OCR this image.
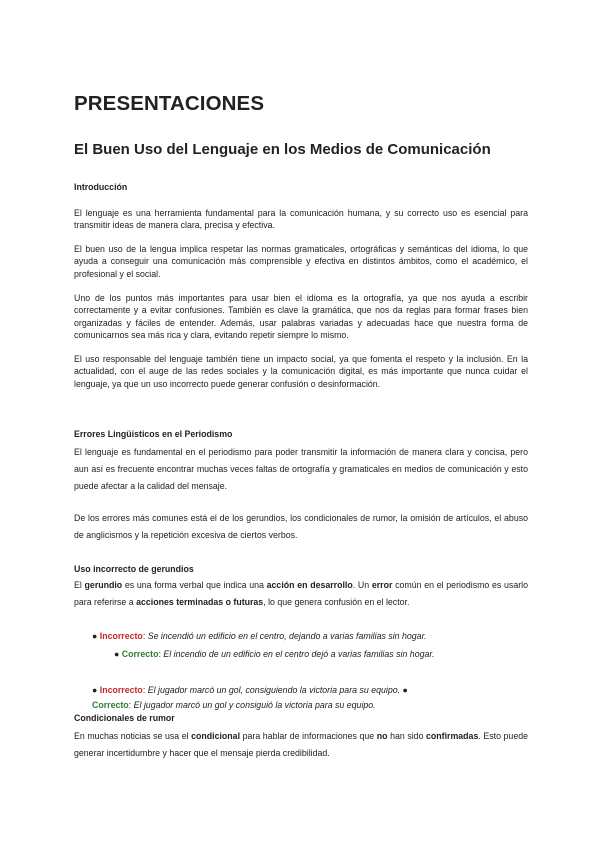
PRESENTACIONES
El Buen Uso del Lenguaje en los Medios de Comunicación
Introducción

El lenguaje es una herramienta fundamental para la comunicación humana, y su correcto uso es esencial para transmitir ideas de manera clara, precisa y efectiva.

El buen uso de la lengua implica respetar las normas gramaticales, ortográficas y semánticas del idioma, lo que ayuda a conseguir una comunicación más comprensible y efectiva en distintos ámbitos, como el académico, el profesional y el social.

Uno de los puntos más importantes para usar bien el idioma es la ortografía, ya que nos ayuda a escribir correctamente y a evitar confusiones. También es clave la gramática, que nos da reglas para formar frases bien organizadas y fáciles de entender. Además, usar palabras variadas y adecuadas hace que nuestra forma de comunicarnos sea más rica y clara, evitando repetir siempre lo mismo.

El uso responsable del lenguaje también tiene un impacto social, ya que fomenta el respeto y la inclusión. En la actualidad, con el auge de las redes sociales y la comunicación digital, es más importante que nunca cuidar el lenguaje, ya que un uso incorrecto puede generar confusión o desinformación.

Errores Lingüísticos en el Periodismo

El lenguaje es fundamental en el periodismo para poder transmitir la información de manera clara y concisa, pero aun así es frecuente encontrar muchas veces faltas de ortografía y gramaticales en medios de comunicación y esto puede afectar a la calidad del mensaje.

De los errores más comunes está el de los gerundios, los condicionales de rumor, la omisión de artículos, el abuso de anglicismos y la repetición excesiva de ciertos verbos.

Uso incorrecto de gerundios

El gerundio es una forma verbal que indica una acción en desarrollo. Un error común en el periodismo es usarlo para referirse a acciones terminadas o futuras, lo que genera confusión en el lector.

● Incorrecto: Se incendió un edificio en el centro, dejando a varias familias sin hogar.
● Correcto: El incendio de un edificio en el centro dejó a varias familias sin hogar.
● Incorrecto: El jugador marcó un gol, consiguiendo la victoria para su equipo. ●
Correcto: El jugador marcó un gol y consiguió la victoria para su equipo.
Condicionales de rumor

En muchas noticias se usa el condicional para hablar de informaciones que no han sido confirmadas. Esto puede generar incertidumbre y hacer que el mensaje pierda credibilidad.
